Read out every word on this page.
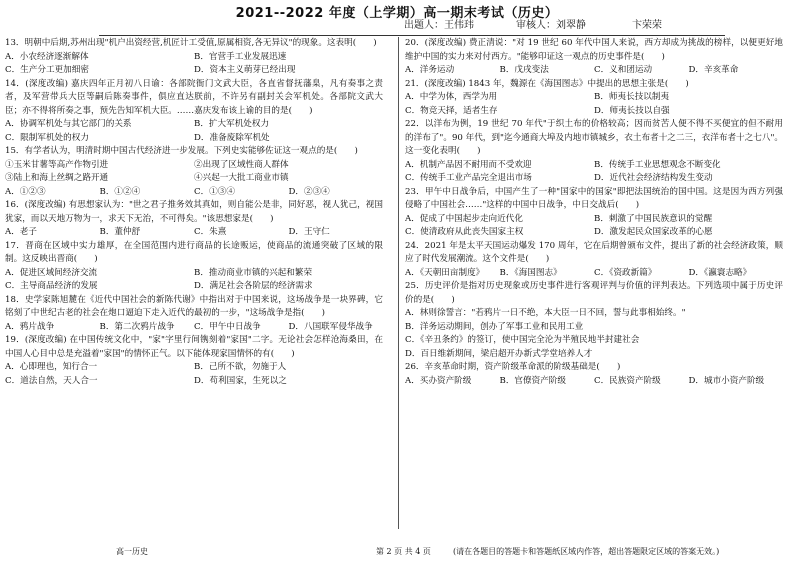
2021--2022 年度（上学期）高一期末考试（历史）
出题人：王伟玮	审核人：刘翠静	卞荣荣

13．明朝中后期,苏州出现"机户出资经营,机匠计工受值,原属相资,各无异议"的现象。这表明(　　)

A．小农经济逐渐解体	B．官营手工业发展迅速
C．生产分工更加细密	D．资本主义萌芽已经出现

14．(深度改编) 嘉庆四年正月初八日谕：各部院衙门文武大臣，各直省督抚藩臬，凡有奏事之责者，及军营带兵大臣等嗣后陈奏事件，俱应直达朕前，不许另有副封关会军机处。各部院文武大臣；亦不得将所奏之事，预先告知军机大臣。……嘉庆发布该上谕的目的是(　　)

A．协调军机处与其它部门的关系	B．扩大军机处权力
C．限制军机处的权力	D．准备废除军机处

15．有学者认为，明清时期中国古代经济进一步发展。下列史实能够佐证这一观点的是(　　)

①玉米甘薯等高产作物引进	②出现了区域性商人群体
③陆上和海上丝绸之路开通	④兴起一大批工商业市镇
A．①②③	B．①②④	C．①③④	D．②③④

16．(深度改编) 有思想家认为："世之君子推务效其真如，则自能公是非，同好恶，视人犹己，视国犹家，而以天地万物为一，求天下无治，不可得矣。"该思想家是(　　)

A．老子	B．董仲舒	C．朱熹	D．王守仁

17．晋商在区域中实力雄厚，在全国范围内进行商品的长途贩运，使商品的流通突破了区域的限制。这反映出晋商(　　)

A．促进区域间经济交流	B．推动商业市镇的兴起和繁荣
C．主导商品经济的发展	D．满足社会各阶层的经济需求

18．史学家陈旭麓在《近代中国社会的新陈代谢》中指出对于中国来说，这场战争是一块界碑，它铭刻了中世纪古老的社会在炮口逼迫下走入近代的最初的一步，"这场战争是指(　　)

A．鸦片战争	B．第二次鸦片战争	C．甲午中日战争	D．八国联军侵华战争

19．(深度改编) 在中国传统文化中，"家"字里行间镌刻着"家国"二字。无论社会怎样沧海桑田，在中国人心目中总是充溢着"家国"的情怀正气。以下能体现家国情怀的有(　　)

A．心即理也，知行合一	B．己所不欲，勿施于人
C．道法自然，天人合一	D．苟利国家，生死以之

20．(深度改编) 费正清说："对 19 世纪 60 年代中国人来说，西方却成为挑战的榜样，以便更好地维护中国的实力来对付西方。"能够印证这一观点的历史事件是(　　)

A．洋务运动	B．戊戌变法	C．义和团运动	D．辛亥革命

21．(深度改编) 1843 年，魏源在《海国图志》中提出的思想主张是(　　)

A．中学为体，西学为用	B．师夷长技以制夷
C．物竞天择，适者生存	D．师夷长技以自强

22．以洋布为例，19 世纪 70 年代"于织土布的价格较高；因而贫苦人便不得不买便宜的但不耐用的洋布了"。90 年代，到"迄今通商大埠及内地市镇城乡，衣土布者十之二三，衣洋布者十之七八"。这一变化表明(　　)

A．机制产品因不耐用而不受欢迎	B．传统手工业思想观念不断变化
C．传统手工业产品完全退出市场	D．近代社会经济结构发生变动

23．甲午中日战争后，中国产生了一种"国家中的国家"即把法国统治的国中国。这是因为西方列强侵略了中国社会……"这样的中国中日战争，中日交战后(　　)

A．促成了中国起步走向近代化	B．刺激了中国民族意识的觉醒
C．使清政府从此丧失国家主权	D．激发起民众国家改革的心愿

24．2021 年是太平天国运动爆发 170 周年，它在后期曾颁布文件，提出了新的社会经济政策，顺应了时代发展潮流。这个文件是(　　)

A．《天朝田亩制度》	B．《海国图志》	C．《资政新篇》	D．《瀛寰志略》

25．历史评价是指对历史现象或历史事件进行客观评判与价值的评判表达。下列选项中属于历史评价的是(　　)

A．林则徐誓言："若鸦片一日不绝，本大臣一日不回，誓与此事相始终。"
B．洋务运动期间，创办了军事工业和民用工业
C．《辛丑条约》的签订，使中国完全沦为半殖民地半封建社会
D．百日维新期间，梁启超开办新式学堂培养人才

26．辛亥革命时期，资产阶级革命派的阶级基础是(　　)

A．买办资产阶级	B．官僚资产阶级	C．民族资产阶级	D．城市小资产阶级
高一历史	第 2 页 共 4 页	(请在各题目的答题卡和答题纸区域内作答，超出答题限定区域的答案无效。)
